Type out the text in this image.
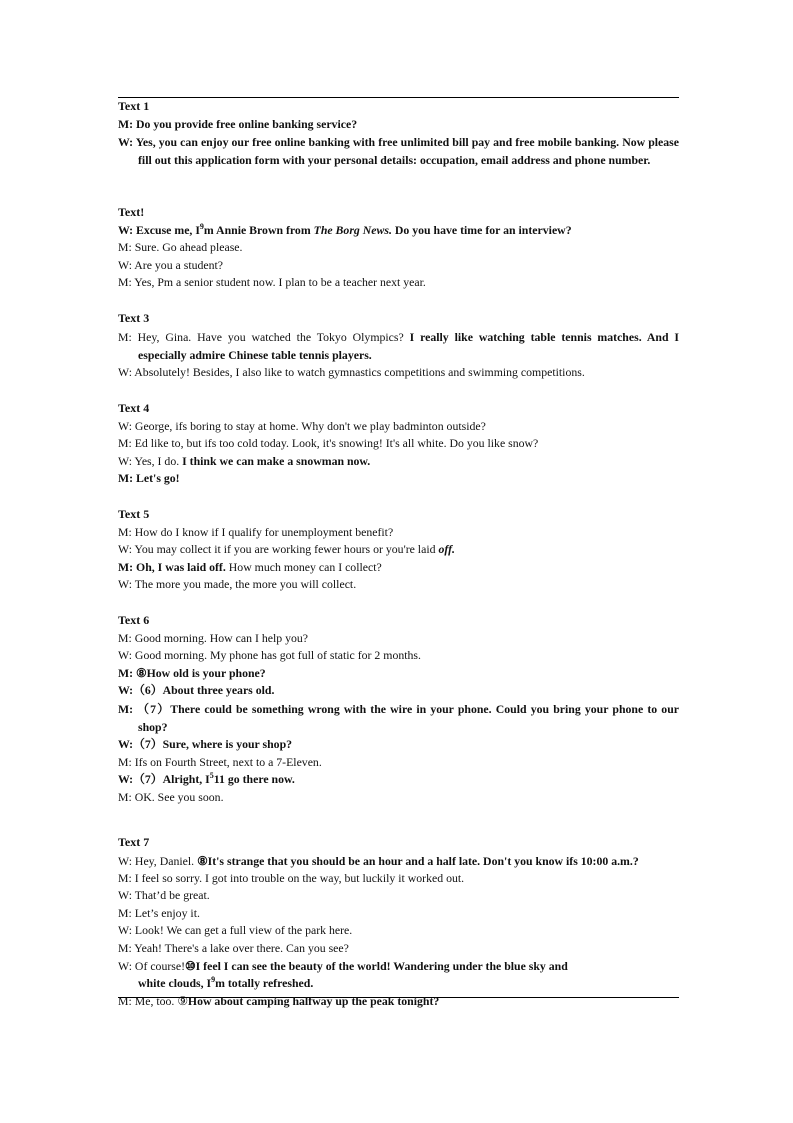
Text 1
M: Do you provide free online banking service?
W: Yes, you can enjoy our free online banking with free unlimited bill pay and free mobile banking. Now please fill out this application form with your personal details: occupation, email address and phone number.
Text!
W: Excuse me, $I^9m$ Annie Brown from The Borg News. Do you have time for an interview?
M: Sure. Go ahead please.
W: Are you a student?
M: Yes, Pm a senior student now. I plan to be a teacher next year.
Text 3
M: Hey, Gina. Have you watched the Tokyo Olympics? I really like watching table tennis matches. And I especially admire Chinese table tennis players.
W: Absolutely! Besides, I also like to watch gymnastics competitions and swimming competitions.
Text 4
W: George, ifs boring to stay at home. Why don't we play badminton outside?
M: Ed like to, but ifs too cold today. Look, it's snowing! It's all white. Do you like snow?
W: Yes, I do. I think we can make a snowman now.
M: Let's go!
Text 5
M: How do I know if I qualify for unemployment benefit?
W: You may collect it if you are working fewer hours or you're laid off.
M: Oh, I was laid off. How much money can I collect?
W: The more you made, the more you will collect.
Text 6
M: Good morning. How can I help you?
W: Good morning. My phone has got full of static for 2 months.
M: ⑧How old is your phone?
W:（6）About three years old.
M: （7）There could be something wrong with the wire in your phone. Could you bring your phone to our shop?
W:（7）Sure, where is your shop?
M: Ifs on Fourth Street, next to a 7-Eleven.
W:（7）Alright, $I^511$ go there now.
M: OK. See you soon.
Text 7
W: Hey, Daniel. ⑧It's strange that you should be an hour and a half late. Don't you know ifs 10:00 a.m.?
M: I feel so sorry. I got into trouble on the way, but luckily it worked out.
W: That’d be great.
M: Let’s enjoy it.
W: Look! We can get a full view of the park here.
M: Yeah! There's a lake over there. Can you see?
W: Of course!⑩I feel I can see the beauty of the world! Wandering under the blue sky and
white clouds, $I^9m$ totally refreshed.
M: Me, too. ⑨How about camping halfway up the peak tonight?
